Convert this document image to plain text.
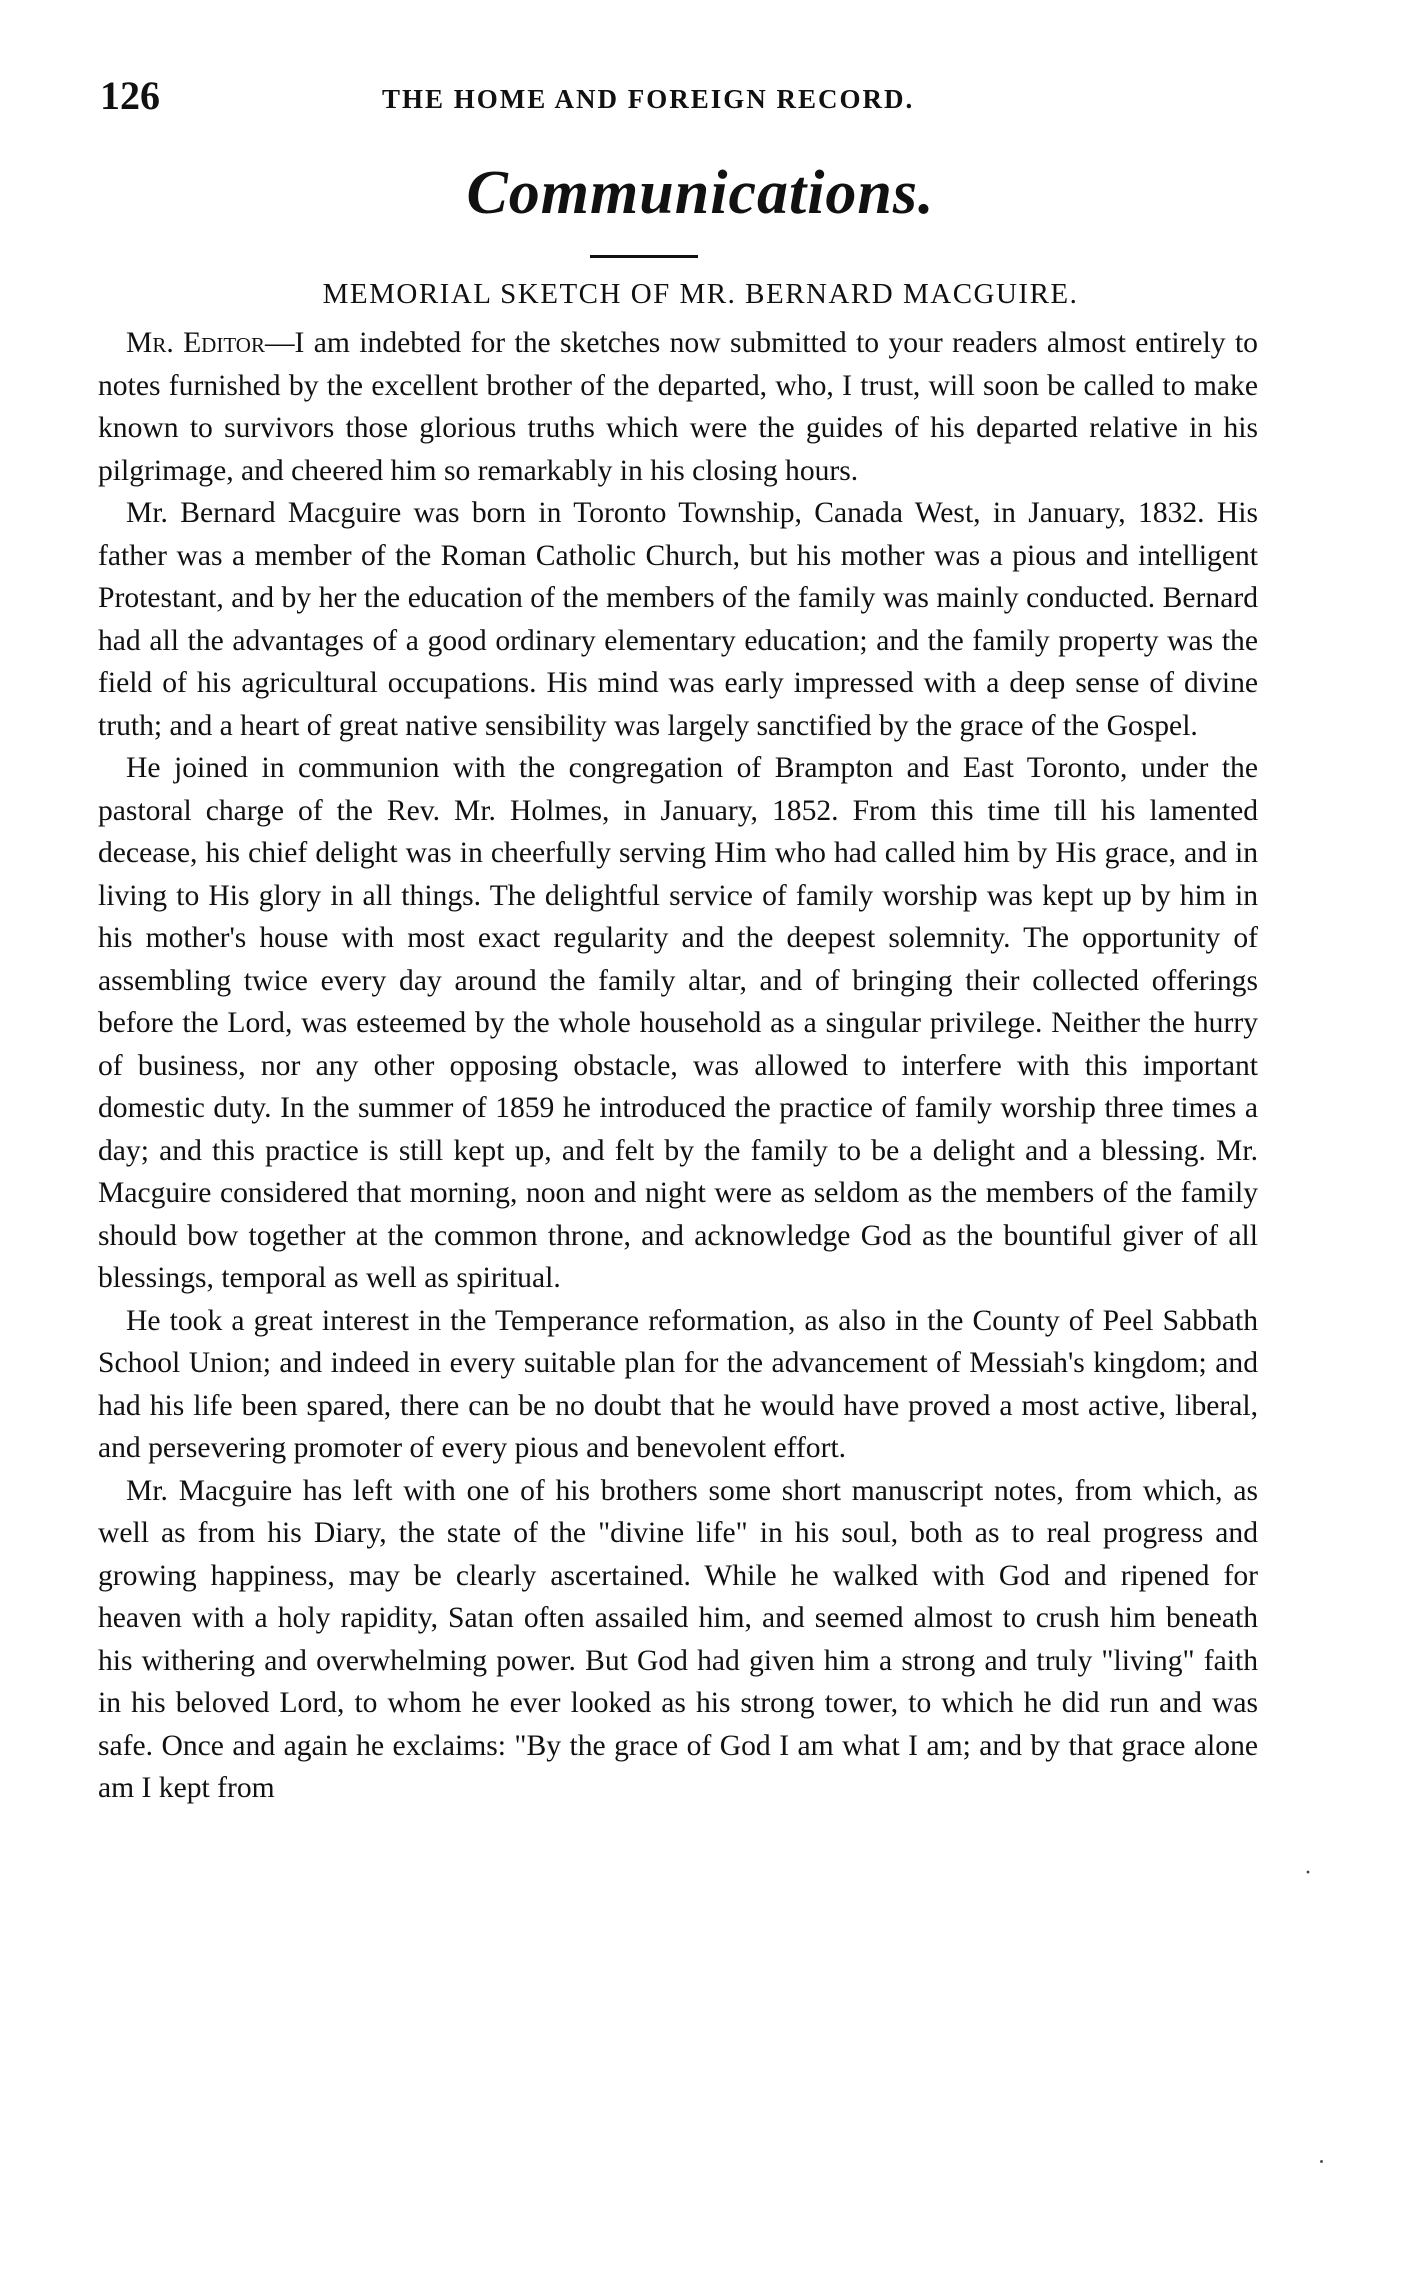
126	THE HOME AND FOREIGN RECORD.
Communications.
MEMORIAL SKETCH OF MR. BERNARD MACGUIRE.

Mr. Editor—I am indebted for the sketches now submitted to your readers almost entirely to notes furnished by the excellent brother of the departed, who, I trust, will soon be called to make known to survivors those glorious truths which were the guides of his departed relative in his pilgrimage, and cheered him so remarkably in his closing hours.

Mr. Bernard Macguire was born in Toronto Township, Canada West, in January, 1832. His father was a member of the Roman Catholic Church, but his mother was a pious and intelligent Protestant, and by her the education of the members of the family was mainly conducted. Bernard had all the advantages of a good ordinary elementary education; and the family property was the field of his agricultural occupations. His mind was early impressed with a deep sense of divine truth; and a heart of great native sensibility was largely sanctified by the grace of the Gospel.

He joined in communion with the congregation of Brampton and East Toronto, under the pastoral charge of the Rev. Mr. Holmes, in January, 1852. From this time till his lamented decease, his chief delight was in cheerfully serving Him who had called him by His grace, and in living to His glory in all things. The delightful service of family worship was kept up by him in his mother's house with most exact regularity and the deepest solemnity. The opportunity of assembling twice every day around the family altar, and of bringing their collected offerings before the Lord, was esteemed by the whole household as a singular privilege. Neither the hurry of business, nor any other opposing obstacle, was allowed to interfere with this important domestic duty. In the summer of 1859 he introduced the practice of family worship three times a day; and this practice is still kept up, and felt by the family to be a delight and a blessing. Mr. Macguire considered that morning, noon and night were as seldom as the members of the family should bow together at the common throne, and acknowledge God as the bountiful giver of all blessings, temporal as well as spiritual.

He took a great interest in the Temperance reformation, as also in the County of Peel Sabbath School Union; and indeed in every suitable plan for the advancement of Messiah's kingdom; and had his life been spared, there can be no doubt that he would have proved a most active, liberal, and persevering promoter of every pious and benevolent effort.

Mr. Macguire has left with one of his brothers some short manuscript notes, from which, as well as from his Diary, the state of the "divine life" in his soul, both as to real progress and growing happiness, may be clearly ascertained. While he walked with God and ripened for heaven with a holy rapidity, Satan often assailed him, and seemed almost to crush him beneath his withering and overwhelming power. But God had given him a strong and truly "living" faith in his beloved Lord, to whom he ever looked as his strong tower, to which he did run and was safe. Once and again he exclaims: "By the grace of God I am what I am; and by that grace alone am I kept from

·
